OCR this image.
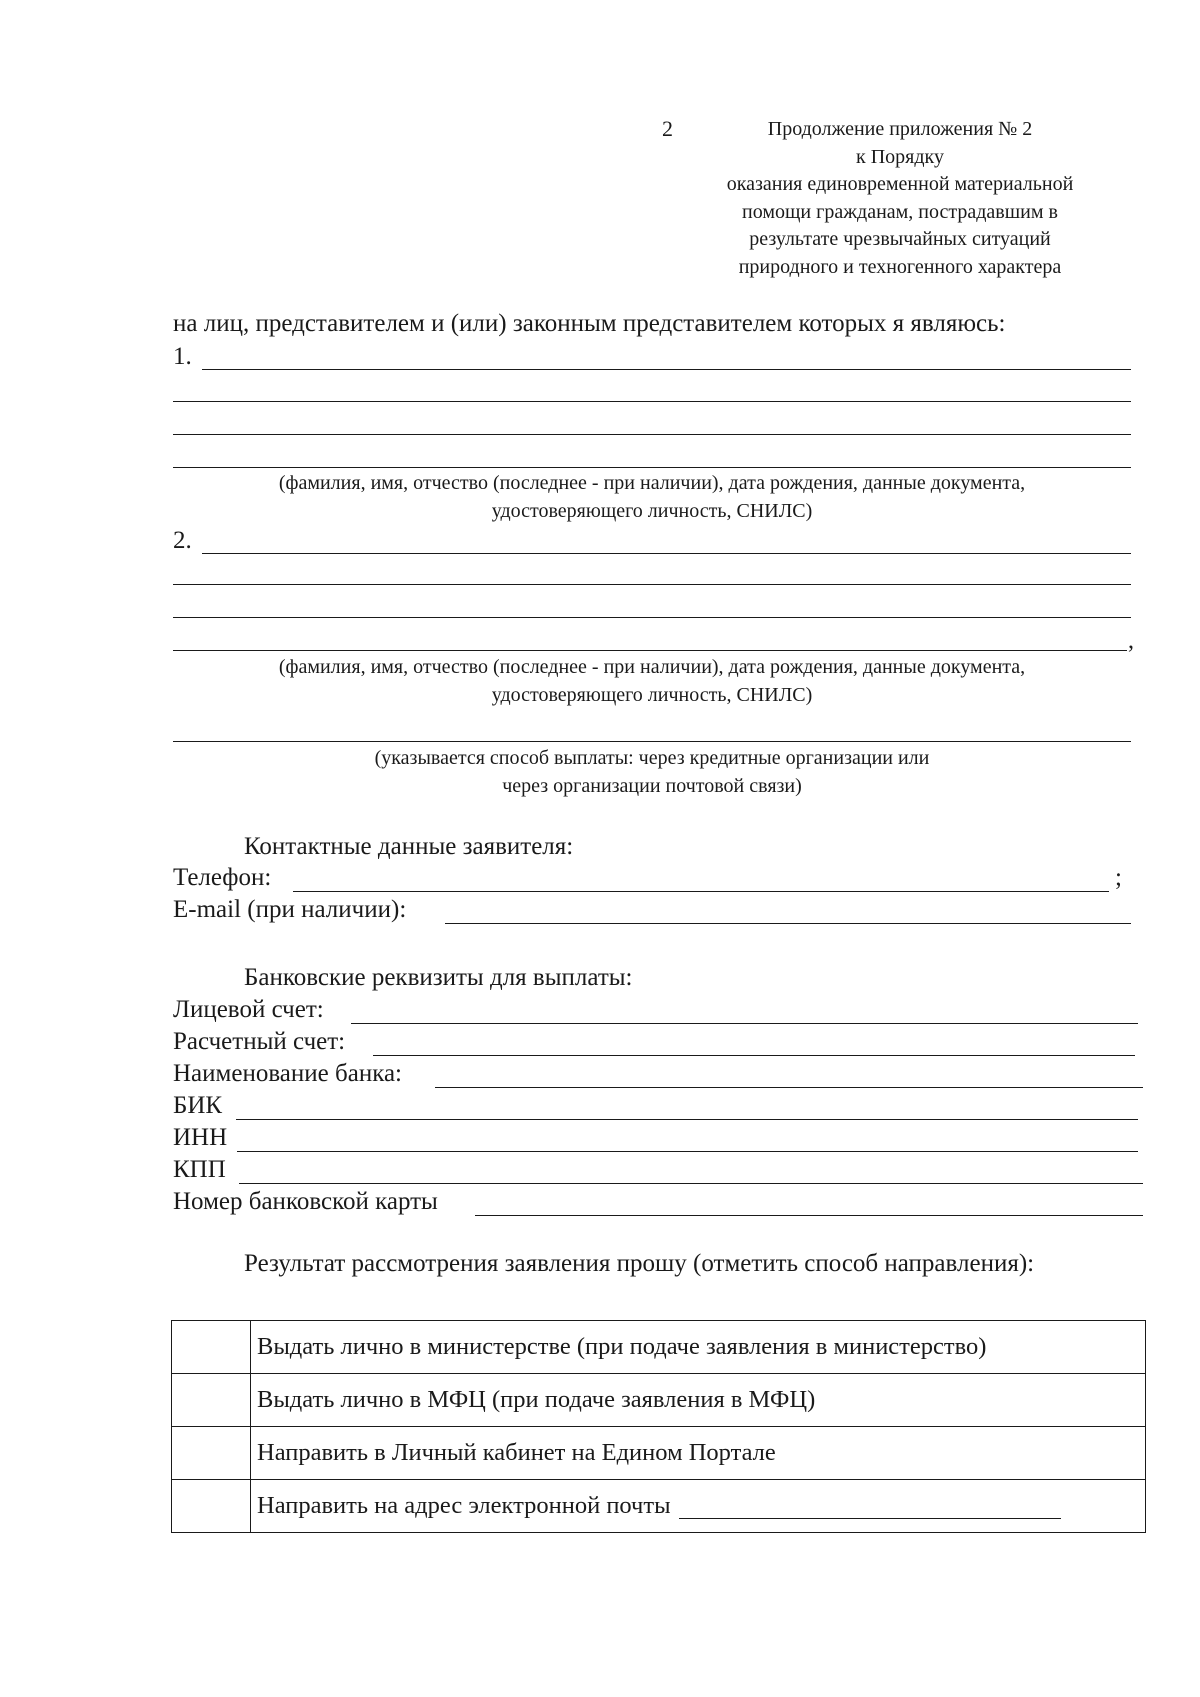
2	Продолжение приложения № 2
к Порядку
оказания единовременной материальной
помощи гражданам, пострадавшим в
результате чрезвычайных ситуаций
природного и техногенного характера
на лиц, представителем и (или) законным представителем которых я являюсь:
1.
(фамилия, имя, отчество (последнее - при наличии), дата рождения, данные документа,
удостоверяющего личность, СНИЛС)
2.
,
(фамилия, имя, отчество (последнее - при наличии), дата рождения, данные документа,
удостоверяющего личность, СНИЛС)
(указывается способ выплаты: через кредитные организации или
через организации почтовой связи)
Контактные данные заявителя:
Телефон:	;
E-mail (при наличии):
Банковские реквизиты для выплаты:
Лицевой счет:
Расчетный счет:
Наименование банка:
БИК
ИНН
КПП
Номер банковской карты
Результат рассмотрения заявления прошу (отметить способ направления):
	Выдать лично в министерстве (при подаче заявления в министерство)
	Выдать лично в МФЦ (при подаче заявления в МФЦ)
	Направить в Личный кабинет на Едином Портале
	Направить на адрес электронной почты
